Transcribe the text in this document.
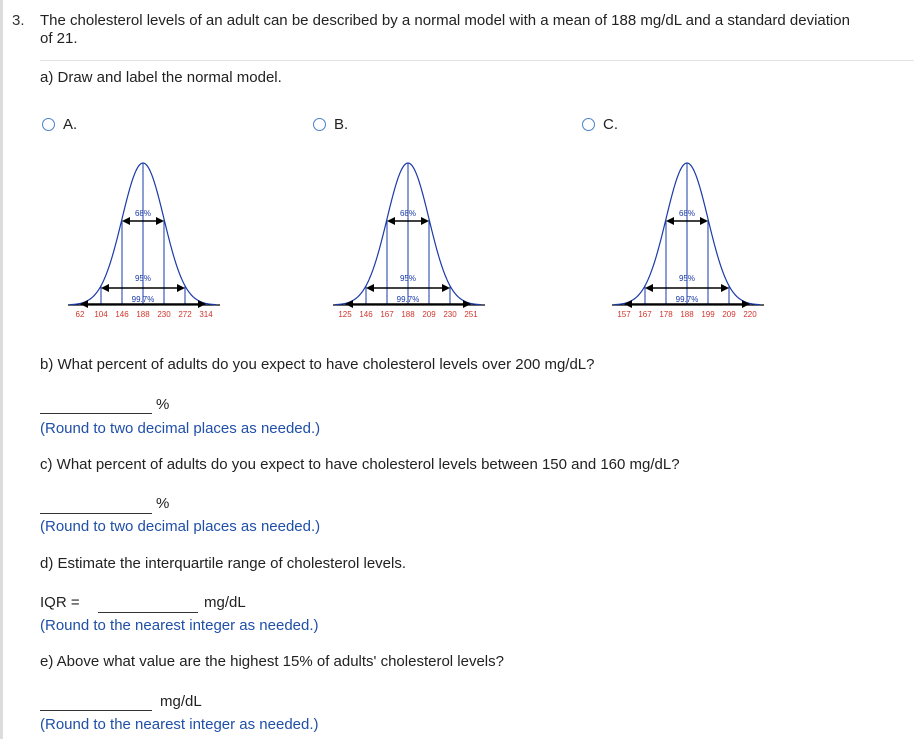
3. The cholesterol levels of an adult can be described by a normal model with a mean of 188 mg/dL and a standard deviation
of 21.
a) Draw and label the normal model.
A.	B.	C.
68%
95%
99.7%
62 104 146 188 230 272 314
68%
95%
99.7%
125 146 167 188 209 230 251
68%
95%
99.7%
157 167 178 188 199 209 220
b) What percent of adults do you expect to have cholesterol levels over 200 mg/dL?
%
(Round to two decimal places as needed.)
c) What percent of adults do you expect to have cholesterol levels between 150 and 160 mg/dL?
%
(Round to two decimal places as needed.)
d) Estimate the interquartile range of cholesterol levels.
IQR =	mg/dL
(Round to the nearest integer as needed.)
e) Above what value are the highest 15% of adults' cholesterol levels?
mg/dL
(Round to the nearest integer as needed.)
